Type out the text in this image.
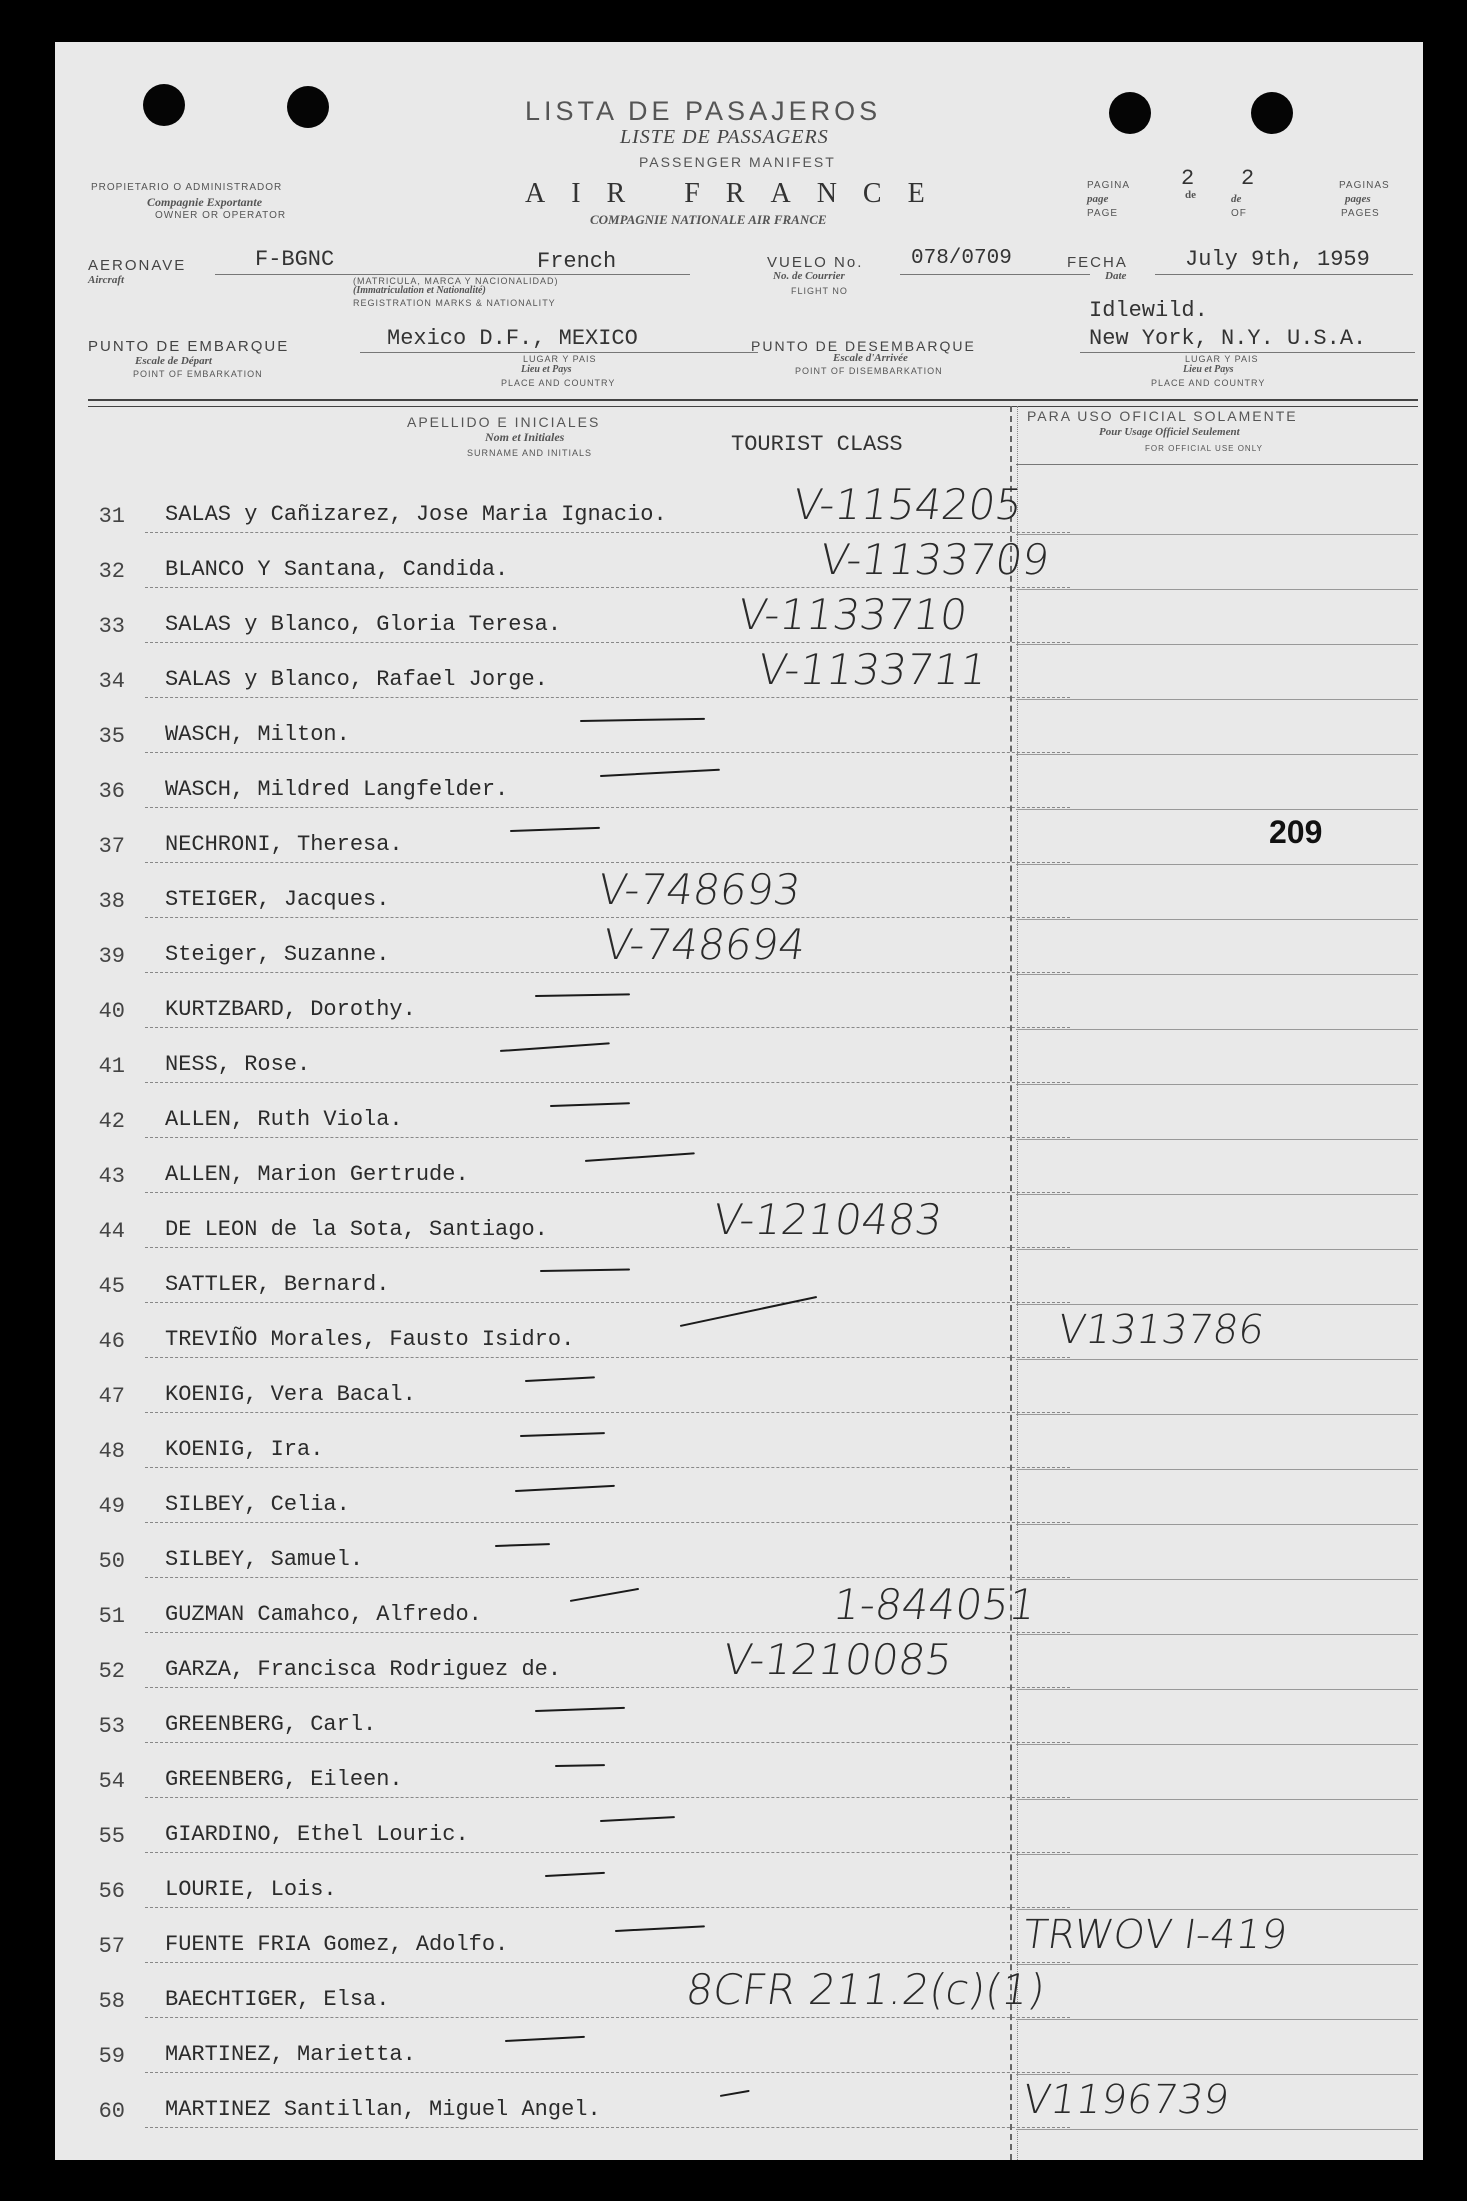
LISTA DE PASAJEROS
LISTE DE PASSAGERS
PASSENGER MANIFEST
PROPIETARIO O ADMINISTRADOR
Compagnie Exportante
OWNER OR OPERATOR
AIR FRANCE
COMPAGNIE NATIONALE AIR FRANCE
PAGINA
page
PAGE
2
de	de
OF
2	PAGINAS
pages
PAGES
AERONAVE
Aircraft
F-BGNC	French
(MATRICULA, MARCA Y NACIONALIDAD)
(Immatriculation et Nationalité)
REGISTRATION MARKS & NATIONALITY
VUELO No.
No. de Courrier
FLIGHT NO
078/0709	FECHA
Date
July 9th, 1959
PUNTO DE EMBARQUE
Escale de Départ
POINT OF EMBARKATION
Mexico D.F., MEXICO
LUGAR Y PAIS
Lieu et Pays
PLACE AND COUNTRY
PUNTO DE DESEMBARQUE
Escale d'Arrivée
POINT OF DISEMBARKATION
Idlewild.
New York, N.Y. U.S.A.
LUGAR Y PAIS
Lieu et Pays
PLACE AND COUNTRY
APELLIDO E INICIALES
Nom et Initiales
SURNAME AND INITIALS	TOURIST CLASS
PARA USO OFICIAL SOLAMENTE
Pour Usage Officiel Seulement
FOR OFFICIAL USE ONLY
209
31 SALAS y Cañizarez, Jose Maria Ignacio.	V-1154205
32 BLANCO Y Santana, Candida.	V-1133709
33 SALAS y Blanco, Gloria Teresa.	V-1133710
34 SALAS y Blanco, Rafael Jorge.	V-1133711
35 WASCH, Milton.
36 WASCH, Mildred Langfelder.
37 NECHRONI, Theresa.
38 STEIGER, Jacques.	V-748693
39 Steiger, Suzanne.	V-748694
40 KURTZBARD, Dorothy.
41 NESS, Rose.
42 ALLEN, Ruth Viola.
43 ALLEN, Marion Gertrude.
44 DE LEON de la Sota, Santiago.	V-1210483
45 SATTLER, Bernard.
46 TREVIÑO Morales, Fausto Isidro.	V1313786
47 KOENIG, Vera Bacal.
48 KOENIG, Ira.
49 SILBEY, Celia.
50 SILBEY, Samuel.
51 GUZMAN Camahco, Alfredo.	1-844051
52 GARZA, Francisca Rodriguez de.	V-1210085
53 GREENBERG, Carl.
54 GREENBERG, Eileen.
55 GIARDINO, Ethel Louric.
56 LOURIE, Lois.
57 FUENTE FRIA Gomez, Adolfo.	TRWOV I-419
58 BAECHTIGER, Elsa.	8CFR 211.2(c)(1)
59 MARTINEZ, Marietta.
60 MARTINEZ Santillan, Miguel Angel.	V1196739
